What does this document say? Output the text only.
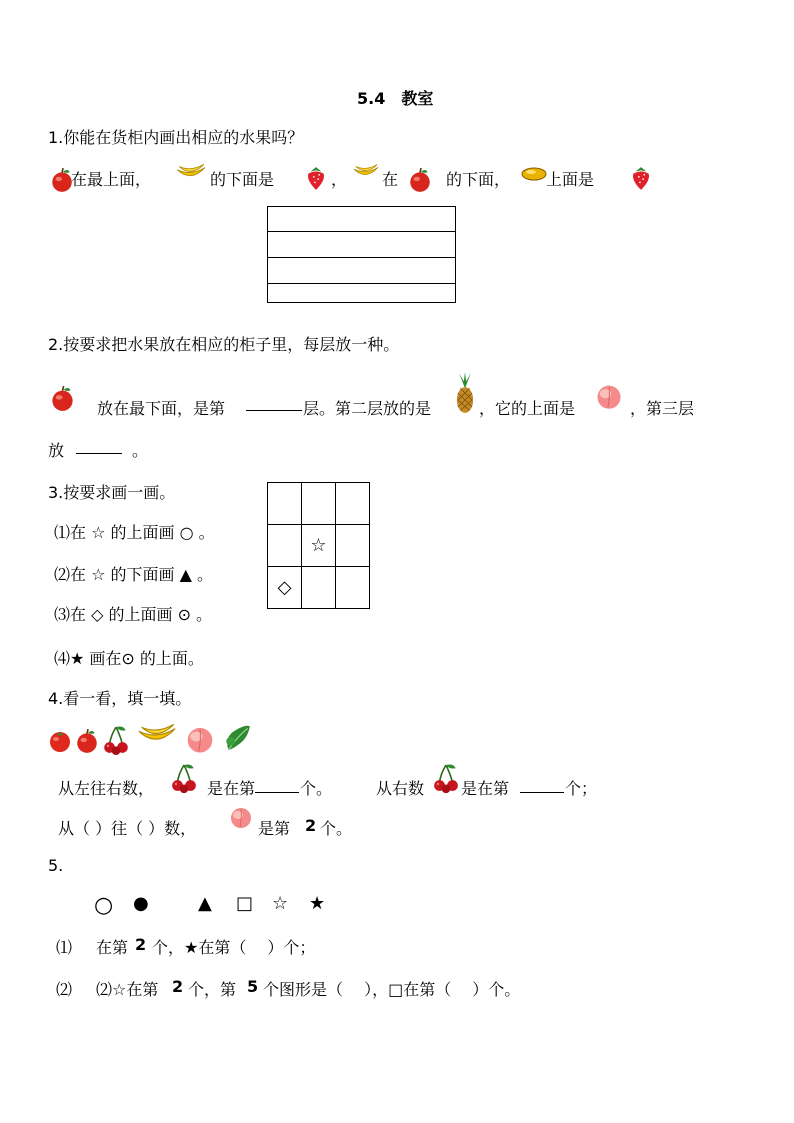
5.4　教室
1.你能在货柜内画出相应的水果吗？
在最上面，	的下面是	， 在	的下面， 上面是
2.按要求把水果放在相应的柜子里，每层放一种。
放在最下面，是第	层。第二层放的是	，它的上面是	，第三层
放	。
3.按要求画一画。
⑴在 ☆ 的上面画 ○ 。
⑵在 ☆ 的下面画 ▲ 。
⑶在 ◇ 的上面画 ⊙ 。
⑷★ 画在⊙ 的上面。

	☆	
◇		
4.看一看，填一填。
从左往右数，	是在第	个。	从右数 是在第	个；
从（ ）往（ ）数，	是第 2 个。
5.
○ ●	▲ □ ☆ ★
⑴ 在第 2 个，★在第（　 ）个；
⑵ ⑵☆在第 2 个，第 5 个图形是（　 ），□在第（　 ）个。
